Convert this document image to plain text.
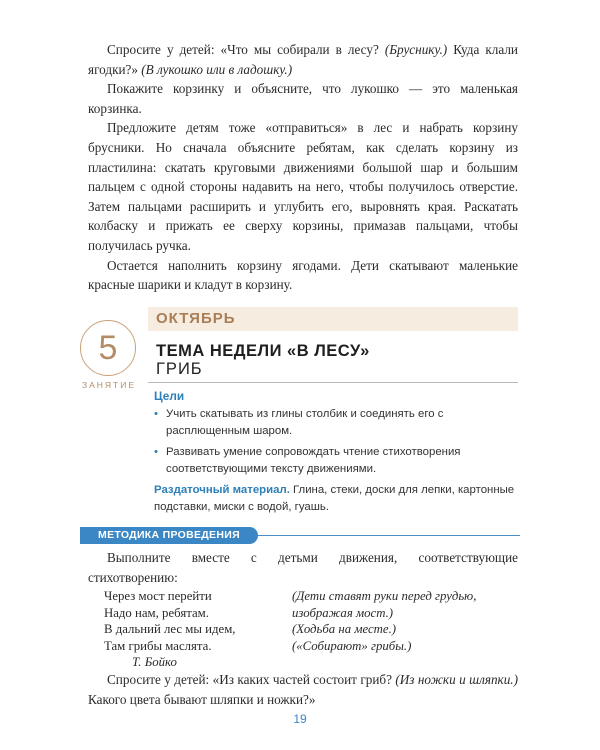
Спросите у детей: «Что мы собирали в лесу? (Бруснику.) Куда клали ягодки?» (В лукошко или в ладошку.)

Покажите корзинку и объясните, что лукошко — это маленькая корзинка.

Предложите детям тоже «отправиться» в лес и набрать корзину брусники. Но сначала объясните ребятам, как сделать корзину из пластилина: скатать круговыми движениями большой шар и большим пальцем с одной стороны надавить на него, чтобы получилось отверстие. Затем пальцами расширить и углубить его, выровнять края. Раскатать колбаску и прижать ее сверху корзины, примазав пальцами, чтобы получилась ручка.

Остается наполнить корзину ягодами. Дети скатывают маленькие красные шарики и кладут в корзину.

5
ЗАНЯТИЕ
ОКТЯБРЬ
ТЕМА НЕДЕЛИ «В ЛЕСУ»
ГРИБ
Цели
• Учить скатывать из глины столбик и соединять его с расплющенным шаром.
• Развивать умение сопровождать чтение стихотворения соответствующими тексту движениями.
Раздаточный материал. Глина, стеки, доски для лепки, картонные подставки, миски с водой, гуашь.
МЕТОДИКА ПРОВЕДЕНИЯ

Выполните вместе с детьми движения, соответствующие стихотворению:

Через мост перейти
Надо нам, ребятам.
В дальний лес мы идем,
Там грибы маслята.
Т. Бойко
(Дети ставят руки перед грудью,
изображая мост.)
(Ходьба на месте.)
(«Собирают» грибы.)

Спросите у детей: «Из каких частей состоит гриб? (Из ножки и шляпки.) Какого цвета бывают шляпки и ножки?»

19
